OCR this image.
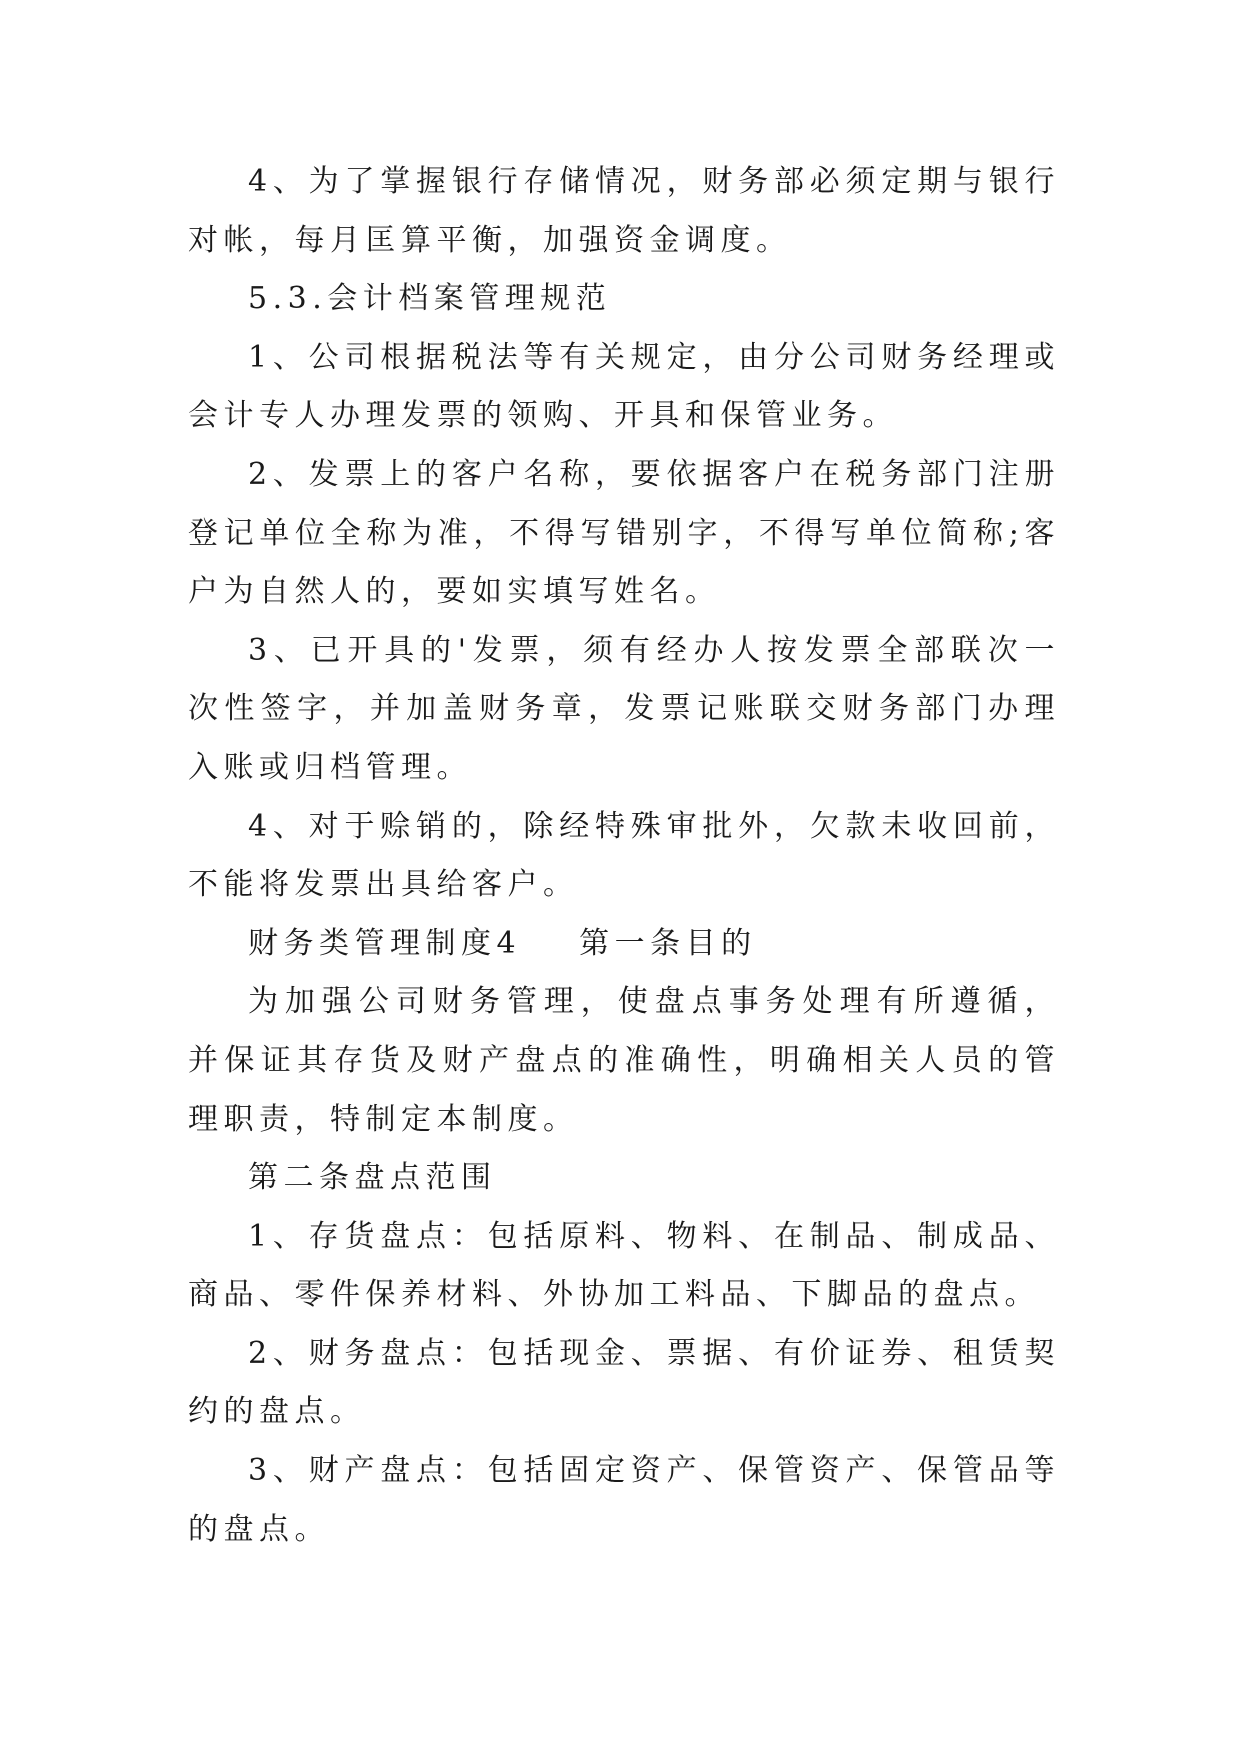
4、为了掌握银行存储情况，财务部必须定期与银行对帐，每月匡算平衡，加强资金调度。

5.3.会计档案管理规范

1、公司根据税法等有关规定，由分公司财务经理或会计专人办理发票的领购、开具和保管业务。

2、发票上的客户名称，要依据客户在税务部门注册登记单位全称为准，不得写错别字，不得写单位简称;客户为自然人的，要如实填写姓名。

3、已开具的'发票，须有经办人按发票全部联次一次性签字，并加盖财务章，发票记账联交财务部门办理入账或归档管理。

4、对于赊销的，除经特殊审批外，欠款未收回前，不能将发票出具给客户。

财务类管理制度4 第一条目的

为加强公司财务管理，使盘点事务处理有所遵循，并保证其存货及财产盘点的准确性，明确相关人员的管理职责，特制定本制度。

第二条盘点范围

1、存货盘点：包括原料、物料、在制品、制成品、商品、零件保养材料、外协加工料品、下脚品的盘点。

2、财务盘点：包括现金、票据、有价证券、租赁契约的盘点。

3、财产盘点：包括固定资产、保管资产、保管品等的盘点。
